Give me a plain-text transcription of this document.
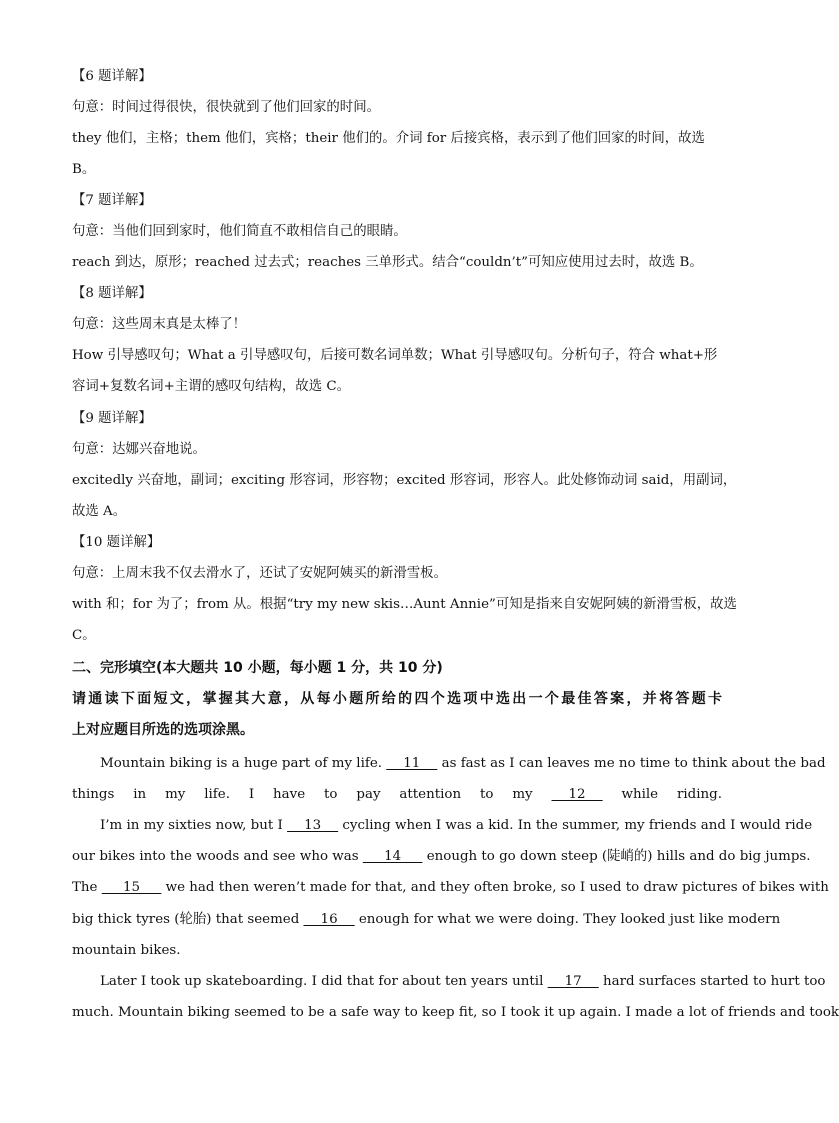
【6 题详解】
句意：时间过得很快，很快就到了他们回家的时间。
they 他们，主格；them 他们，宾格；their 他们的。介词 for 后接宾格，表示到了他们回家的时间，故选
B。
【7 题详解】
句意：当他们回到家时，他们简直不敢相信自己的眼睛。
reach 到达，原形；reached 过去式；reaches 三单形式。结合“couldn’t”可知应使用过去时，故选 B。
【8 题详解】
句意：这些周末真是太棒了！
How 引导感叹句；What a 引导感叹句，后接可数名词单数；What 引导感叹句。分析句子，符合 what+形
容词+复数名词+主谓的感叹句结构，故选 C。
【9 题详解】
句意：达娜兴奋地说。
excitedly 兴奋地，副词；exciting 形容词，形容物；excited 形容词，形容人。此处修饰动词 said，用副词，
故选 A。
【10 题详解】
句意：上周末我不仅去滑水了，还试了安妮阿姨买的新滑雪板。
with 和；for 为了；from 从。根据“try my new skis…Aunt Annie”可知是指来自安妮阿姨的新滑雪板，故选
C。
二、完形填空(本大题共 10 小题，每小题 1 分，共 10 分)
请通读下面短文，掌握其大意，从每小题所给的四个选项中选出一个最佳答案，并将答题卡
上对应题目所选的选项涂黑。
Mountain biking is a huge part of my life.     11     as fast as I can leaves me no time to think about the bad
things in my life. I have to pay attention to my     12     while riding.
I’m in my sixties now, but I     13     cycling when I was a kid. In the summer, my friends and I would ride
our bikes into the woods and see who was      14      enough to go down steep (陡峭的) hills and do big jumps.
The      15      we had then weren’t made for that, and they often broke, so I used to draw pictures of bikes with
big thick tyres (轮胎) that seemed     16     enough for what we were doing. They looked just like modern
mountain bikes.
Later I took up skateboarding. I did that for about ten years until     17     hard surfaces started to hurt too
much. Mountain biking seemed to be a safe way to keep fit, so I took it up again. I made a lot of friends and took
